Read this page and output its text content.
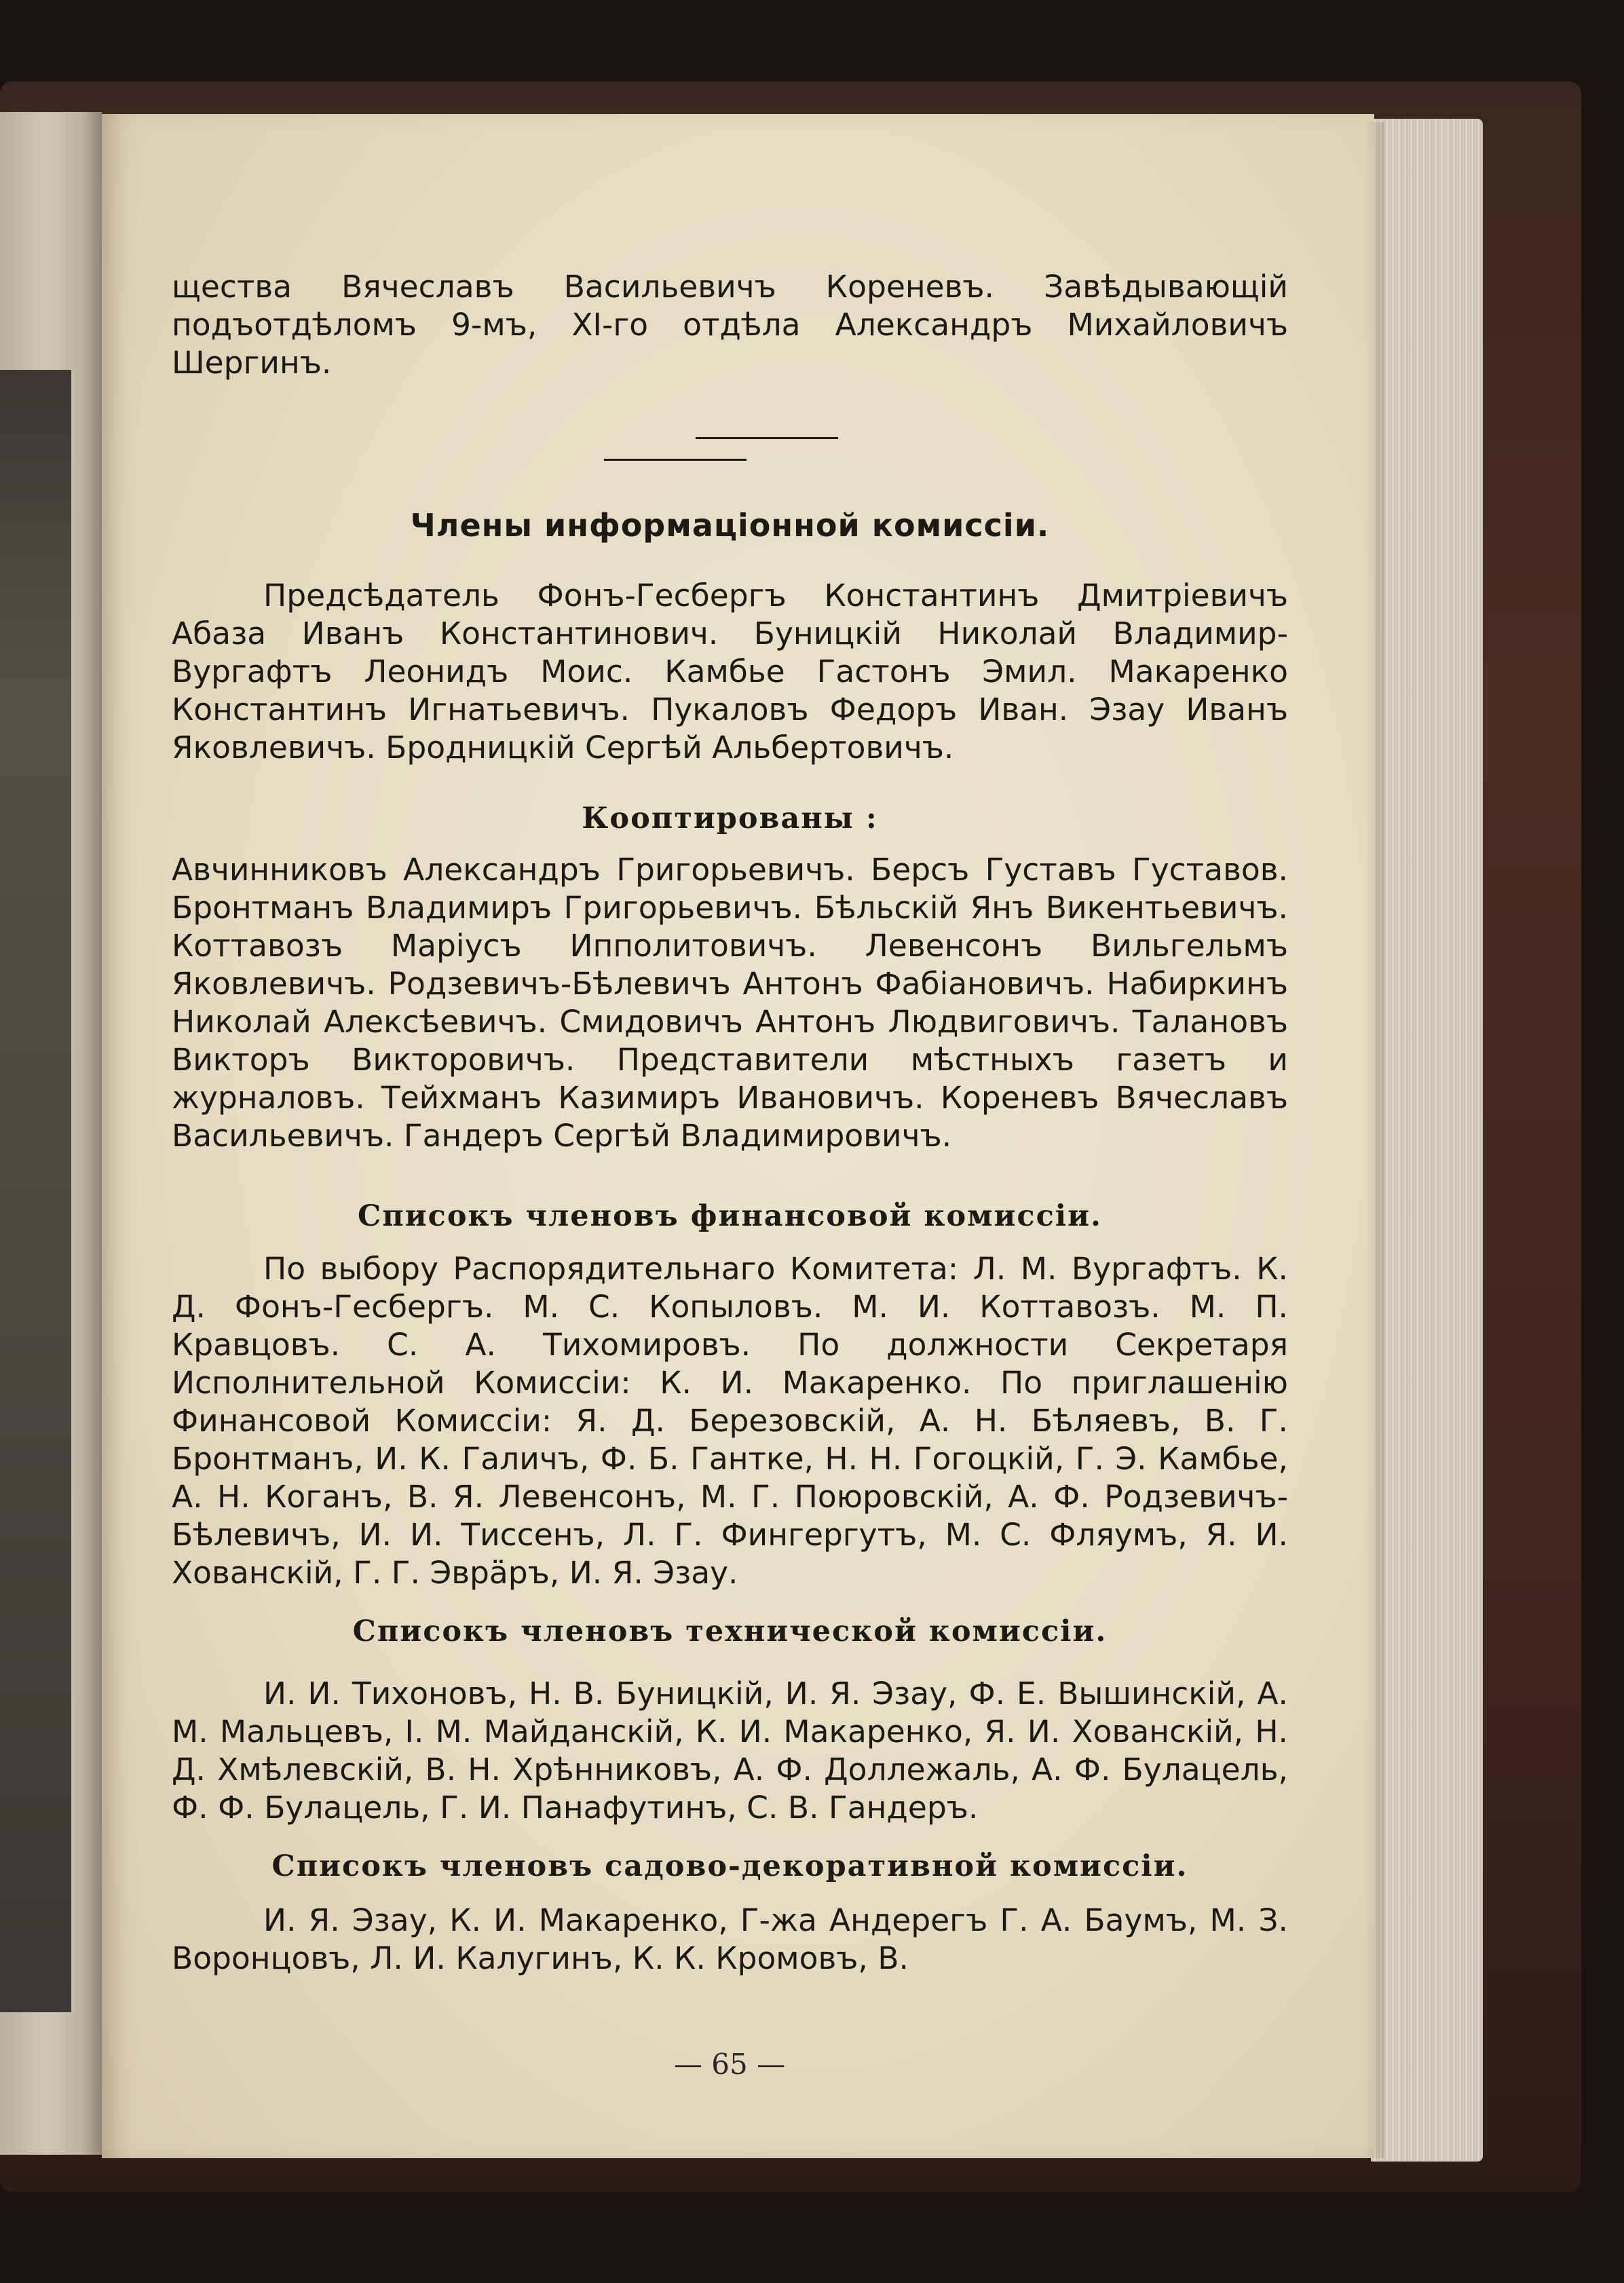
щества Вячеславъ Васильевичъ Кореневъ. Завѣдывающій подъотдѣломъ 9-мъ, XI-го отдѣла Александръ Михайловичъ Шергинъ.

Члены информаціонной комиссіи.

Предсѣдатель Фонъ-Гесбергъ Константинъ Дмитріевичъ Абаза Иванъ Константинович. Буницкій Николай Владимир- Вургафтъ Леонидъ Моис. Камбье Гастонъ Эмил. Макаренко Константинъ Игнатьевичъ. Пукаловъ Федоръ Иван. Эзау Иванъ Яковлевичъ. Бродницкій Сергѣй Альбертовичъ.

Кооптированы :

Авчинниковъ Александръ Григорьевичъ. Берсъ Густавъ Густавов. Бронтманъ Владимиръ Григорьевичъ. Бѣльскій Янъ Викентьевичъ. Коттавозъ Маріусъ Ипполитовичъ. Левенсонъ Вильгельмъ Яковлевичъ. Родзевичъ-Бѣлевичъ Антонъ Фабіановичъ. Набиркинъ Николай Алексѣевичъ. Смидовичъ Антонъ Людвиговичъ. Талановъ Викторъ Викторовичъ. Представители мѣстныхъ газетъ и журналовъ. Тейхманъ Казимиръ Ивановичъ. Кореневъ Вячеславъ Васильевичъ. Гандеръ Сергѣй Владимировичъ.

Списокъ членовъ финансовой комиссіи.

По выбору Распорядительнаго Комитета: Л. М. Вургафтъ. К. Д. Фонъ-Гесбергъ. М. С. Копыловъ. М. И. Коттавозъ. М. П. Кравцовъ. С. А. Тихомировъ. По должности Секретаря Исполнительной Комиссіи: К. И. Макаренко. По приглашенію Финансовой Комиссіи: Я. Д. Березовскій, А. Н. Бѣляевъ, В. Г. Бронтманъ, И. К. Галичъ, Ф. Б. Гантке, Н. Н. Гогоцкій, Г. Э. Камбье, А. Н. Коганъ, В. Я. Левенсонъ, М. Г. Поюровскій, А. Ф. Родзевичъ-Бѣлевичъ, И. И. Тиссенъ, Л. Г. Фингергутъ, М. С. Фляумъ, Я. И. Хованскій, Г. Г. Эврäръ, И. Я. Эзау.

Списокъ членовъ технической комиссіи.

И. И. Тихоновъ, Н. В. Буницкій, И. Я. Эзау, Ф. Е. Вышинскій, А. М. Мальцевъ, І. М. Майданскій, К. И. Макаренко, Я. И. Хованскій, Н. Д. Хмѣлевскій, В. Н. Хрѣнниковъ, А. Ф. Доллежаль, А. Ф. Булацель, Ф. Ф. Булацель, Г. И. Панафутинъ, С. В. Гандеръ.

Списокъ членовъ садово-декоративной комиссіи.

И. Я. Эзау, К. И. Макаренко, Г-жа Андерегъ Г. А. Баумъ, М. З. Воронцовъ, Л. И. Калугинъ, К. К. Кромовъ, В.

— 65 —
